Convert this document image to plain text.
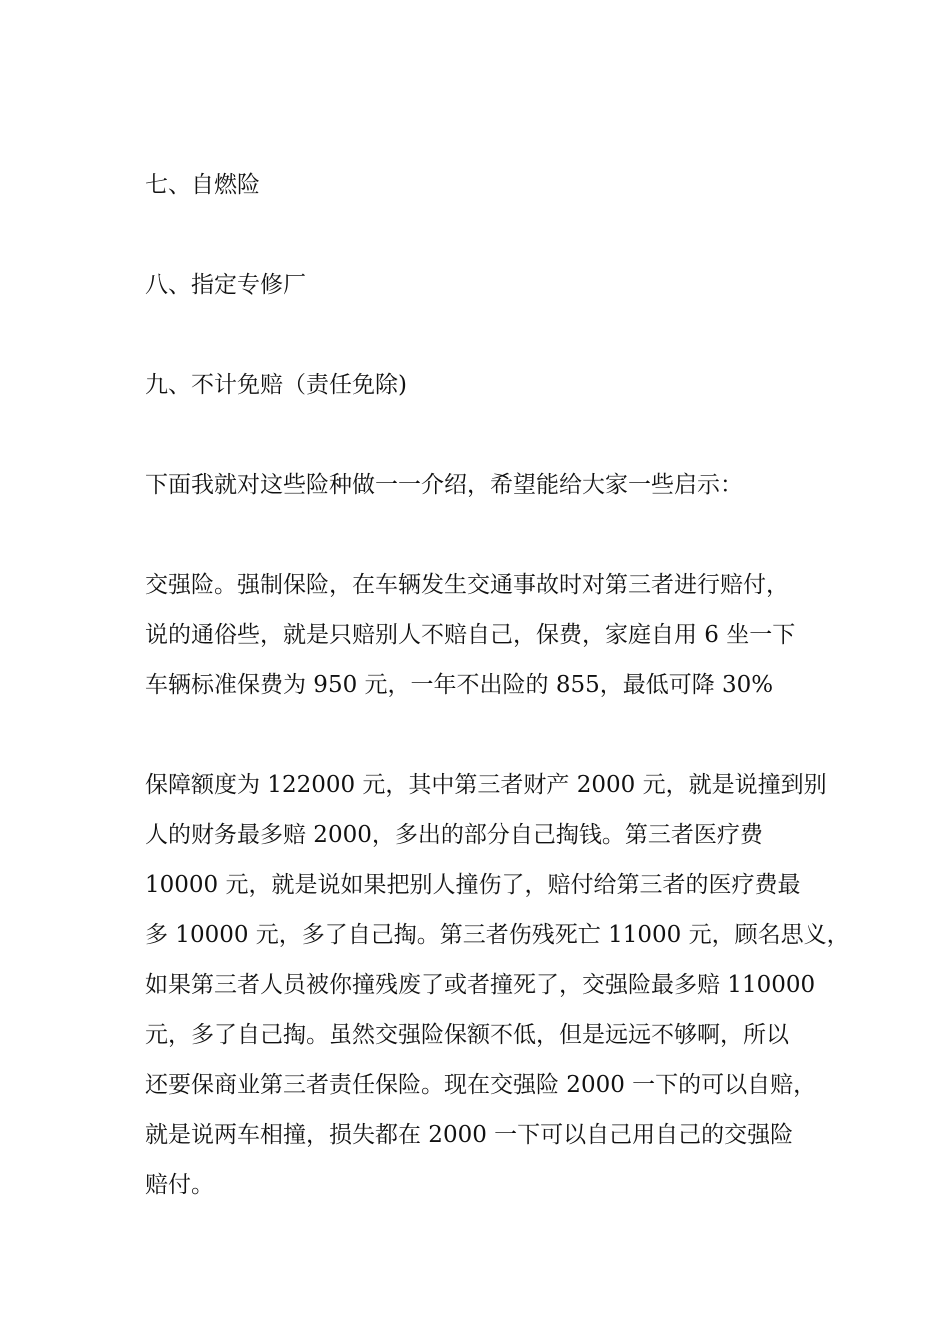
七、自燃险

八、指定专修厂

九、不计免赔（责任免除)

下面我就对这些险种做一一介绍，希望能给大家一些启示：

交强险。强制保险，在车辆发生交通事故时对第三者进行赔付，
说的通俗些，就是只赔别人不赔自己，保费，家庭自用 6 坐一下
车辆标准保费为 950 元，一年不出险的 855，最低可降 30%
保障额度为 122000 元，其中第三者财产 2000 元，就是说撞到别
人的财务最多赔 2000，多出的部分自己掏钱。第三者医疗费
10000 元，就是说如果把别人撞伤了，赔付给第三者的医疗费最
多 10000 元，多了自己掏。第三者伤残死亡 11000 元，顾名思义，
如果第三者人员被你撞残废了或者撞死了，交强险最多赔 110000
元，多了自己掏。虽然交强险保额不低，但是远远不够啊，所以
还要保商业第三者责任保险。现在交强险 2000 一下的可以自赔，
就是说两车相撞，损失都在 2000 一下可以自己用自己的交强险
赔付。
